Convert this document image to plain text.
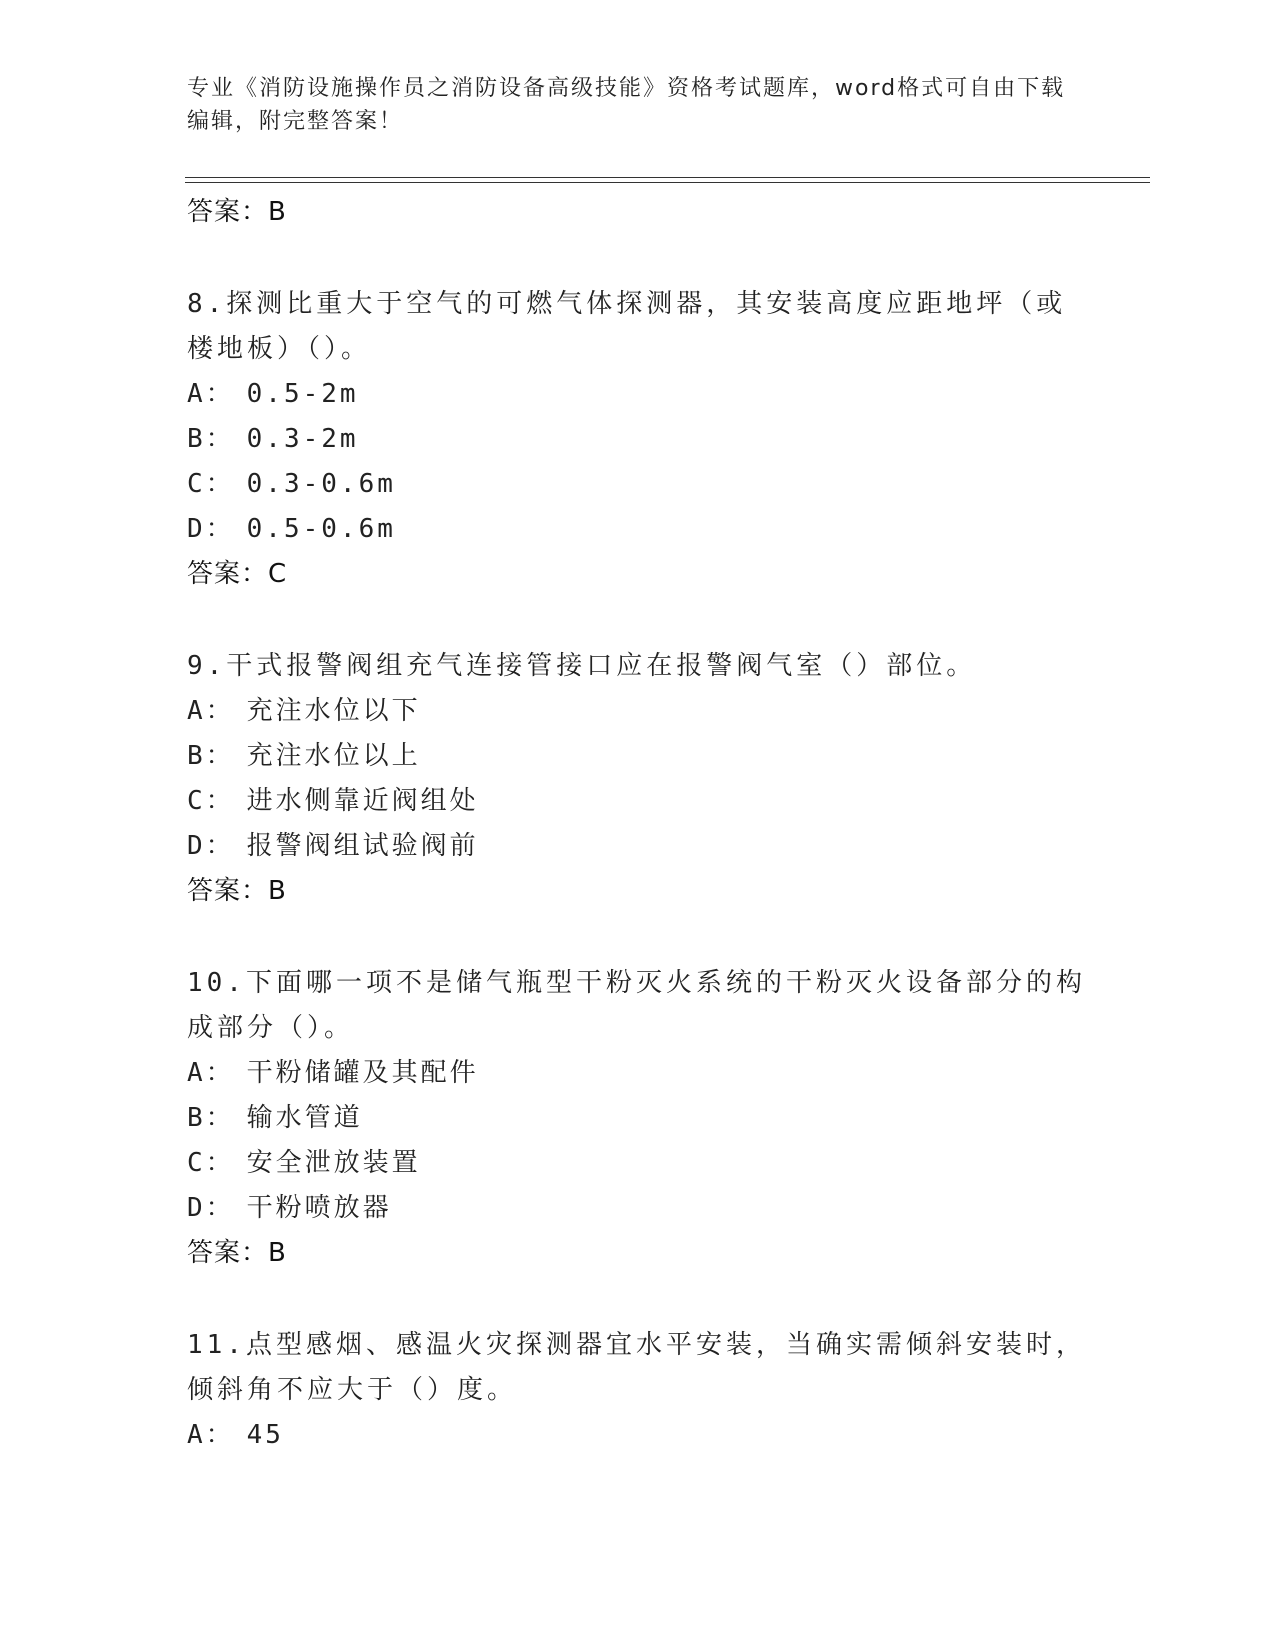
专业《消防设施操作员之消防设备高级技能》资格考试题库，word格式可自由下载编辑，附完整答案！
答案：B
8.探测比重大于空气的可燃气体探测器，其安装高度应距地坪（或楼地板）（）。
A： 0.5-2m
B： 0.3-2m
C： 0.3-0.6m
D： 0.5-0.6m
答案：C
9.干式报警阀组充气连接管接口应在报警阀气室（）部位。
A： 充注水位以下
B： 充注水位以上
C： 进水侧靠近阀组处
D： 报警阀组试验阀前
答案：B
10.下面哪一项不是储气瓶型干粉灭火系统的干粉灭火设备部分的构成部分（）。
A： 干粉储罐及其配件
B： 输水管道
C： 安全泄放装置
D： 干粉喷放器
答案：B
11.点型感烟、感温火灾探测器宜水平安装，当确实需倾斜安装时，倾斜角不应大于（）度。
A： 45
